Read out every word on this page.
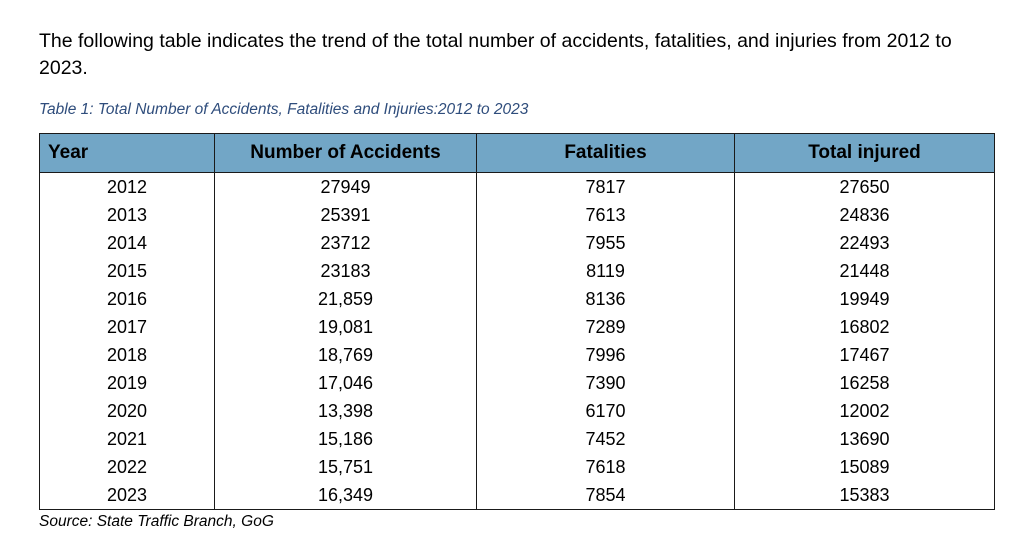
The following table indicates the trend of the total number of accidents, fatalities, and injuries from 2012 to 2023.

Table 1: Total Number of Accidents, Fatalities and Injuries:2012 to 2023

Year	Number of Accidents	Fatalities	Total injured
2012	27949	7817	27650
2013	25391	7613	24836
2014	23712	7955	22493
2015	23183	8119	21448
2016	21,859	8136	19949
2017	19,081	7289	16802
2018	18,769	7996	17467
2019	17,046	7390	16258
2020	13,398	6170	12002
2021	15,186	7452	13690
2022	15,751	7618	15089
2023	16,349	7854	15383

Source: State Traffic Branch, GoG
